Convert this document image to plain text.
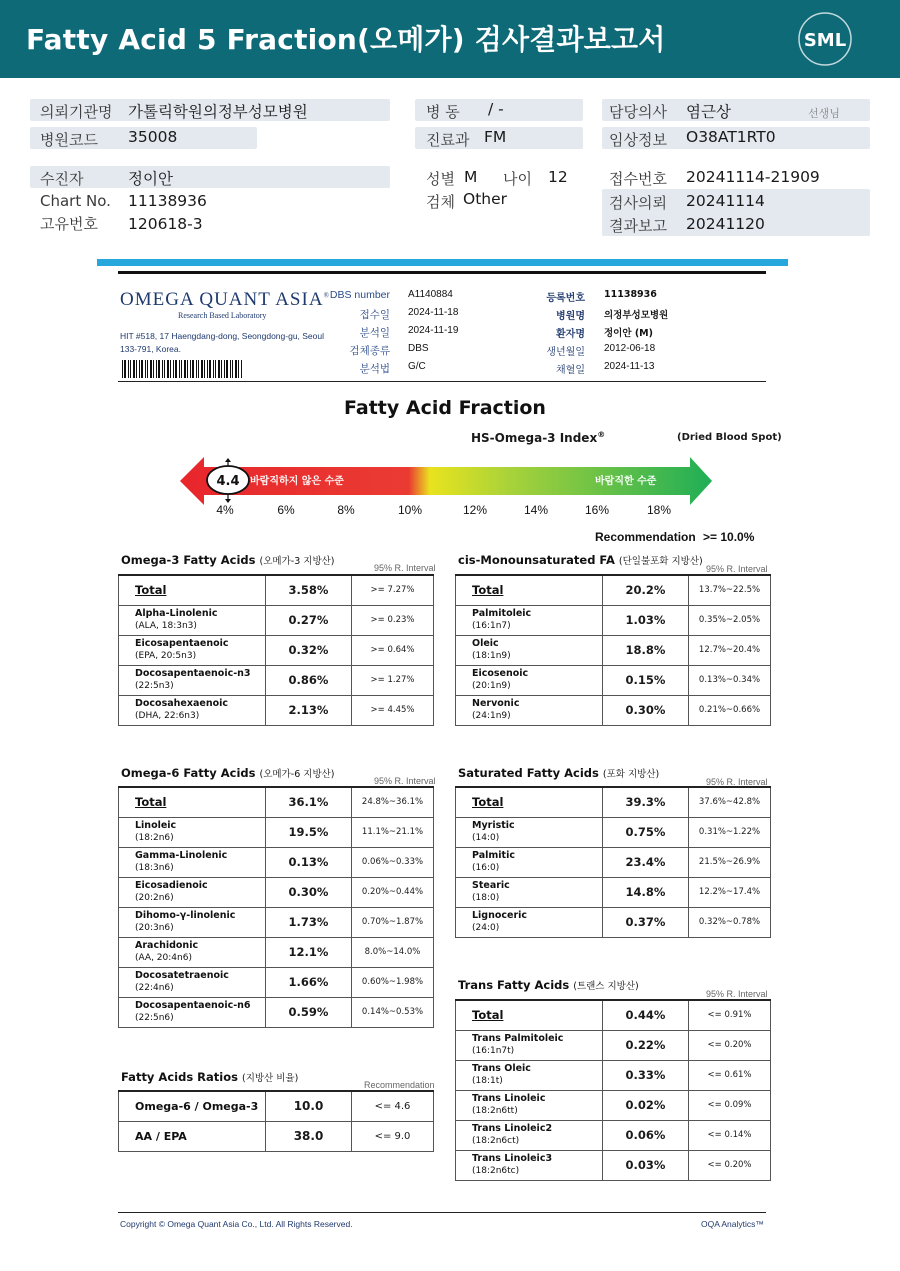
Fatty Acid 5 Fraction(오메가) 검사결과보고서	SML
의뢰기관명 가톨릭학원의정부성모병원
병원코드 35008
병 동 / -
진료과 FM
담당의사 염근상	선생님
임상정보 O38AT1RT0
수진자	정이안
Chart No. 11138936
고유번호 120618-3
성별 M 나이 12
검체 Other
접수번호 20241114-21909
검사의뢰 20241114
결과보고 20241120
OMEGA QUANT ASIA®
Research Based Laboratory
HIT #518, 17 Haengdang-dong, Seongdong-gu, Seoul 133-791, Korea.
DBS number A1140884
접수일 2024-11-18
분석일 2024-11-19
검체종류 DBS
분석법 G/C
등록번호 11138936
병원명 의정부성모병원
환자명 정이안 (M)
생년월일 2012-06-18
채혈일 2024-11-13
Fatty Acid Fraction
HS-Omega-3 Index®	(Dried Blood Spot)
바람직하지 않은 수준	바람직한 수준
4.4
4%	6%	8%	10%	12%	14%	16%	18%
Recommendation >= 10.0%
Omega-3 Fatty Acids (오메가-3 지방산)
95% R. Interval
cis-Monounsaturated FA (단일불포화 지방산)
95% R. Interval
Omega-6 Fatty Acids (오메가-6 지방산)
95% R. Interval
Saturated Fatty Acids (포화 지방산)
95% R. Interval
Trans Fatty Acids (트랜스 지방산)
95% R. Interval
Fatty Acids Ratios (지방산 비율)
Recommendation
Total	3.58%	>= 7.27%
Alpha-Linolenic
(ALA, 18:3n3)	0.27%	>= 0.23%
Eicosapentaenoic
(EPA, 20:5n3)	0.32%	>= 0.64%
Docosapentaenoic-n3
(22:5n3)	0.86%	>= 1.27%
Docosahexaenoic
(DHA, 22:6n3)	2.13%	>= 4.45%
Total	20.2%	13.7%~22.5%
Palmitoleic
(16:1n7)	1.03%	0.35%~2.05%
Oleic
(18:1n9)	18.8%	12.7%~20.4%
Eicosenoic
(20:1n9)	0.15%	0.13%~0.34%
Nervonic
(24:1n9)	0.30%	0.21%~0.66%
Total	36.1%	24.8%~36.1%
Linoleic
(18:2n6)	19.5%	11.1%~21.1%
Gamma-Linolenic
(18:3n6)	0.13%	0.06%~0.33%
Eicosadienoic
(20:2n6)	0.30%	0.20%~0.44%
Dihomo-γ-linolenic
(20:3n6)	1.73%	0.70%~1.87%
Arachidonic
(AA, 20:4n6)	12.1%	8.0%~14.0%
Docosatetraenoic
(22:4n6)	1.66%	0.60%~1.98%
Docosapentaenoic-n6
(22:5n6)	0.59%	0.14%~0.53%
Total	39.3%	37.6%~42.8%
Myristic
(14:0)	0.75%	0.31%~1.22%
Palmitic
(16:0)	23.4%	21.5%~26.9%
Stearic
(18:0)	14.8%	12.2%~17.4%
Lignoceric
(24:0)	0.37%	0.32%~0.78%
Total	0.44%	<= 0.91%
Trans Palmitoleic
(16:1n7t)	0.22%	<= 0.20%
Trans Oleic
(18:1t)	0.33%	<= 0.61%
Trans Linoleic
(18:2n6tt)	0.02%	<= 0.09%
Trans Linoleic2
(18:2n6ct)	0.06%	<= 0.14%
Trans Linoleic3
(18:2n6tc)	0.03%	<= 0.20%
Omega-6 / Omega-3	10.0	<= 4.6
AA / EPA	38.0	<= 9.0
Copyright © Omega Quant Asia Co., Ltd. All Rights Reserved.	OQA Analytics™
